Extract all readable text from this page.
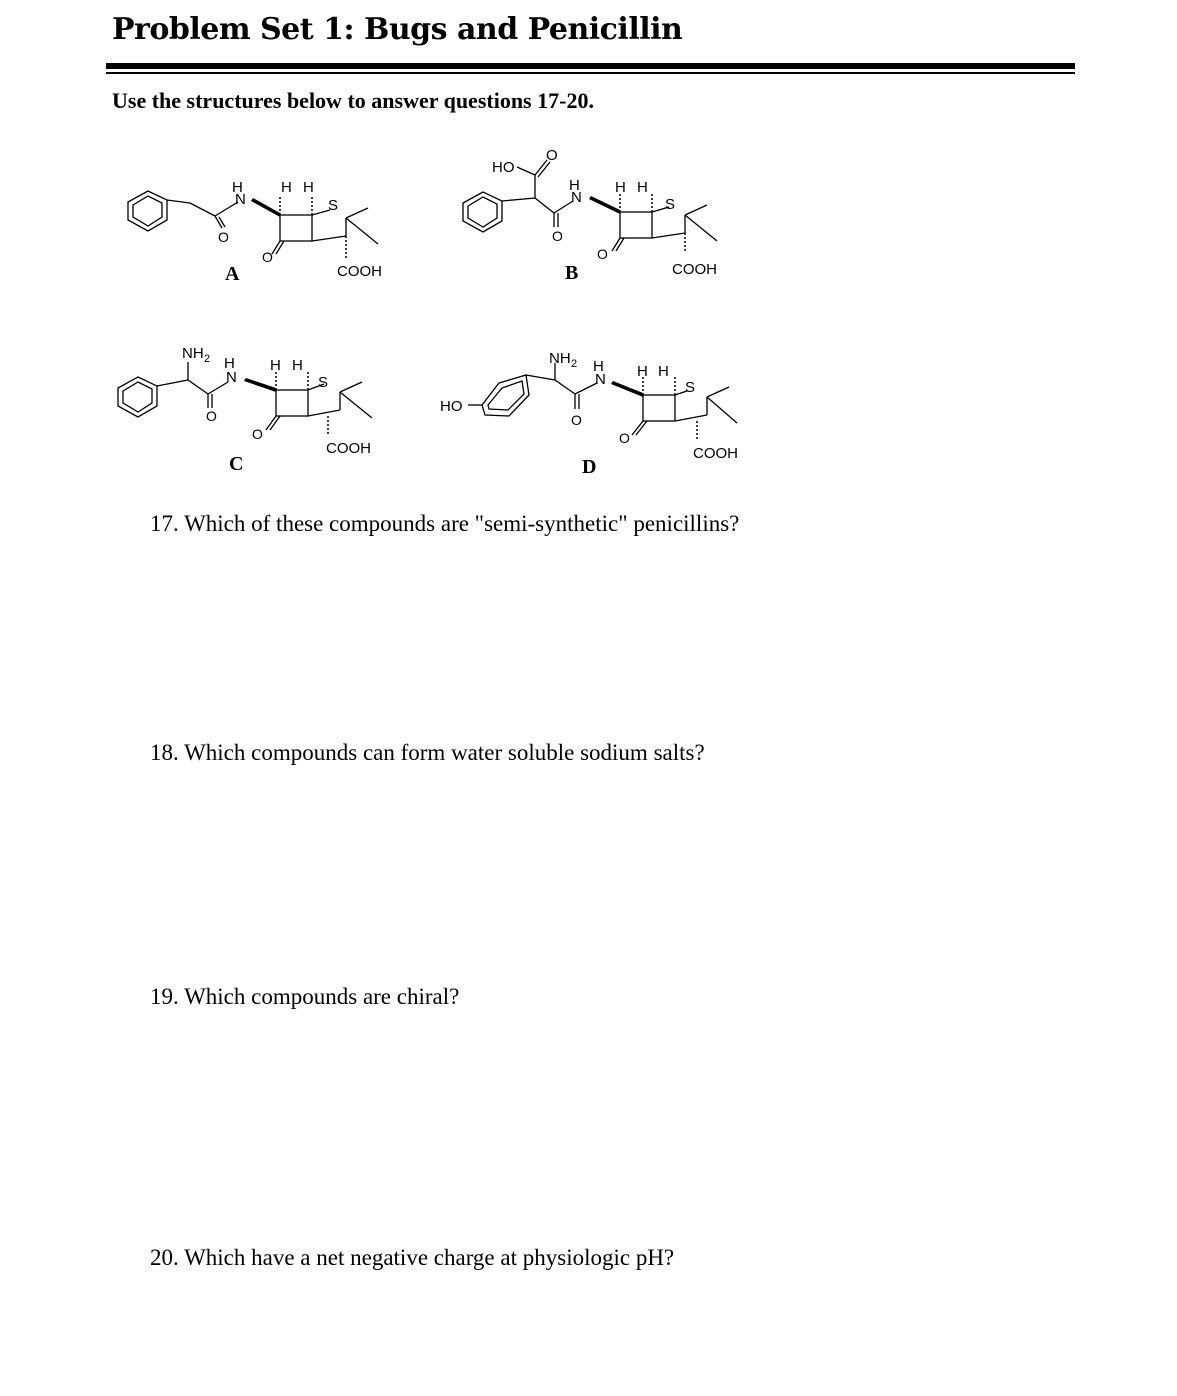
Problem Set 1: Bugs and Penicillin
Use the structures below to answer questions 17-20.
H
N
H H
S
O
O
COOH
A
HO
O
H
N
H H
S
O
O
COOH
B
NH 2 H
N
H H
S
O
O
COOH
C
HO
NH 2 H
N H H
S
O
O
COOH
D
17. Which of these compounds are "semi-synthetic" penicillins?
18. Which compounds can form water soluble sodium salts?
19. Which compounds are chiral?
20. Which have a net negative charge at physiologic pH?
